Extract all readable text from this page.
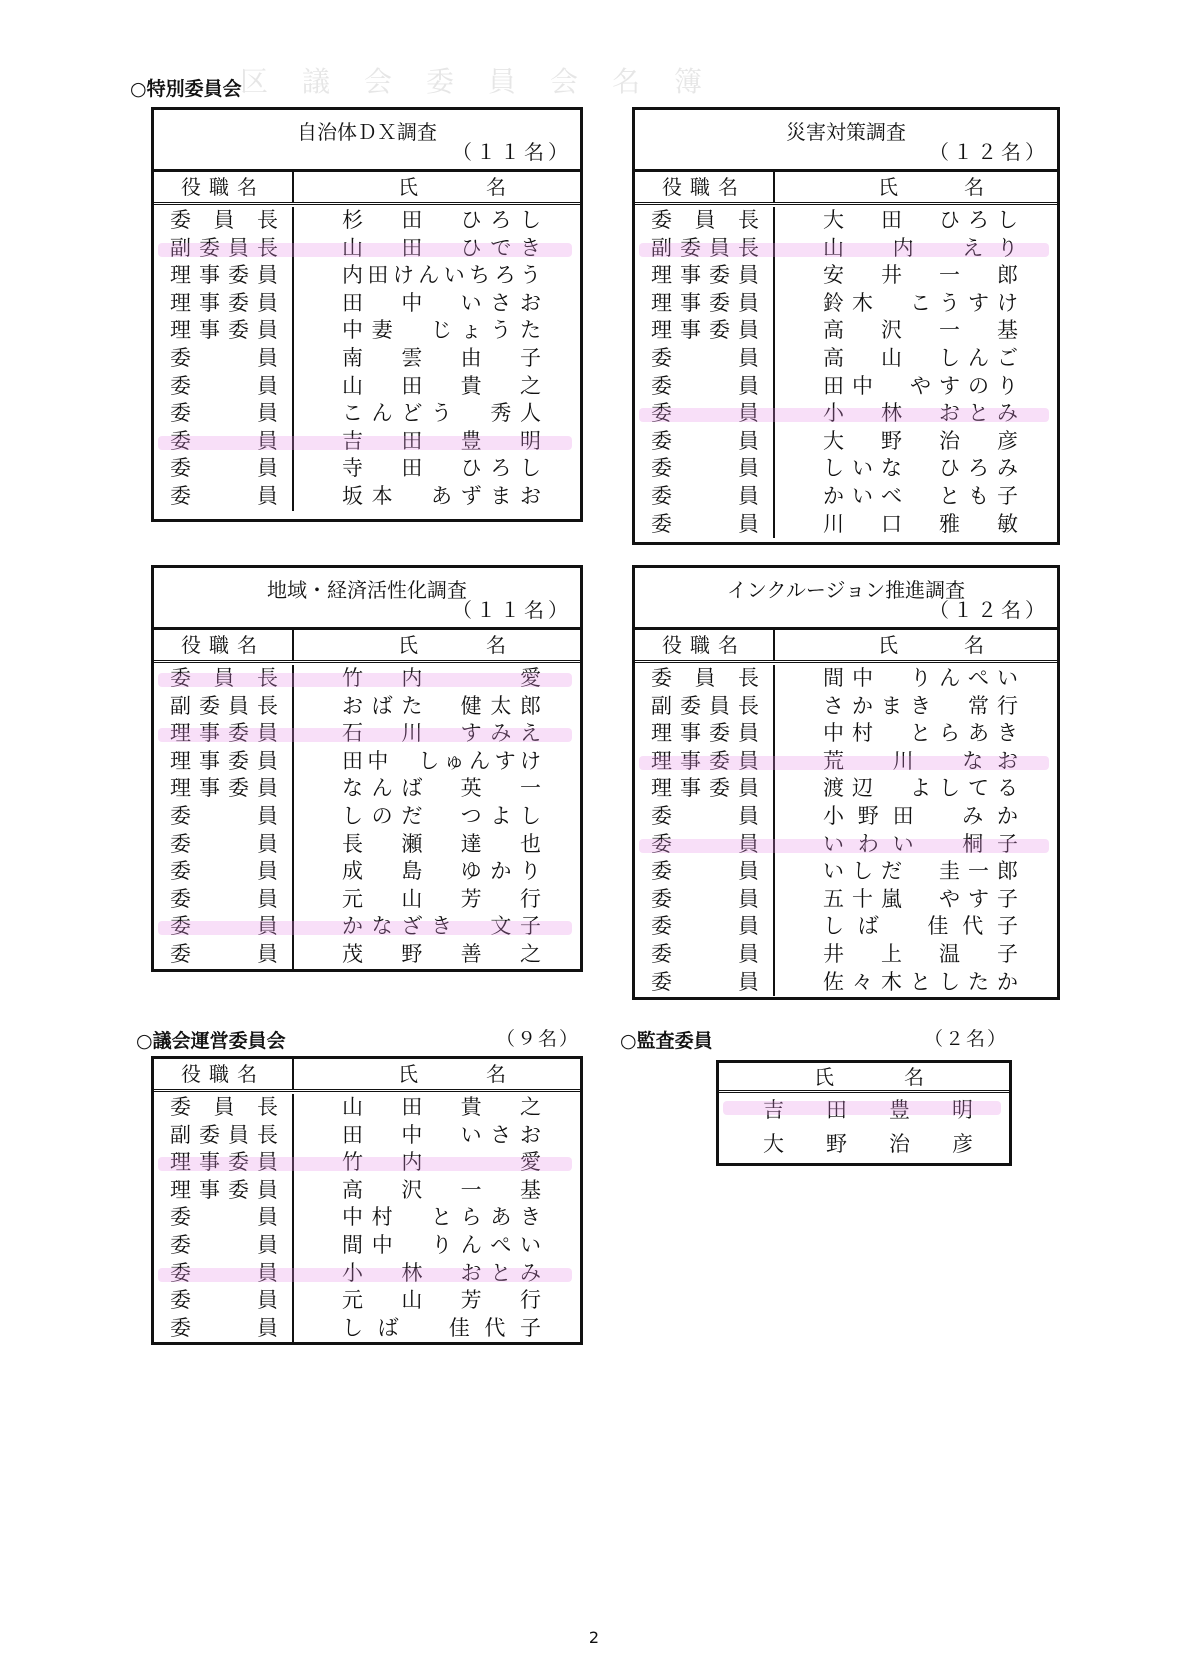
区議会委員会名簿
○特別委員会
自治体ＤＸ調査
（１１名）
役職名	氏	名
委員長	杉　田　ひろし
副委員長	山　田　ひでき
理事委員	内田けんいちろう
理事委員	田　中　いさお
理事委員	中妻　じょうた
委員	南　雲　由　子
委員	山　田　貴　之
委員	こんどう　秀人
委員	吉　田　豊　明
委員	寺　田　ひろし
委員	坂本　あずまお
災害対策調査
（１２名）
役職名	氏	名
委員長	大　田　ひろし
副委員長	山　内　えり
理事委員	安　井　一　郎
理事委員	鈴木　こうすけ
理事委員	高　沢　一　基
委員	高　山　しんご
委員	田中　やすのり
委員	小　林　おとみ
委員	大　野　治　彦
委員	しいな　ひろみ
委員	かいべ　とも子
委員	川　口　雅　敏
地域・経済活性化調査
（１１名）
役職名	氏	名
委員長	竹　内　　　愛
副委員長	おばた　健太郎
理事委員	石　川　すみえ
理事委員	田中　しゅんすけ
理事委員	なんば　英　一
委員	しのだ　つよし
委員	長　瀬　達　也
委員	成　島　ゆかり
委員	元　山　芳　行
委員	かなざき　文子
委員	茂　野　善　之
インクルージョン推進調査
（１２名）
役職名	氏	名
委員長	間中　りんぺい
副委員長	さかまき　常行
理事委員	中村　とらあき
理事委員	荒　川　なお
理事委員	渡辺　よしてる
委員	小野田　みか
委員	いわい　桐子
委員	いしだ　圭一郎
委員	五十嵐　やす子
委員	しば　佳代子
委員	井　上　温　子
委員	佐々木としたか
○議会運営委員会	（９名）
役職名	氏	名
委員長	山　田　貴　之
副委員長	田　中　いさお
理事委員	竹　内　　　愛
理事委員	高　沢　一　基
委員	中村　とらあき
委員	間中　りんぺい
委員	小　林　おとみ
委員	元　山　芳　行
委員	しば　佳代子
○監査委員	（２名）
氏	名
吉田豊明
大野治彦
2
